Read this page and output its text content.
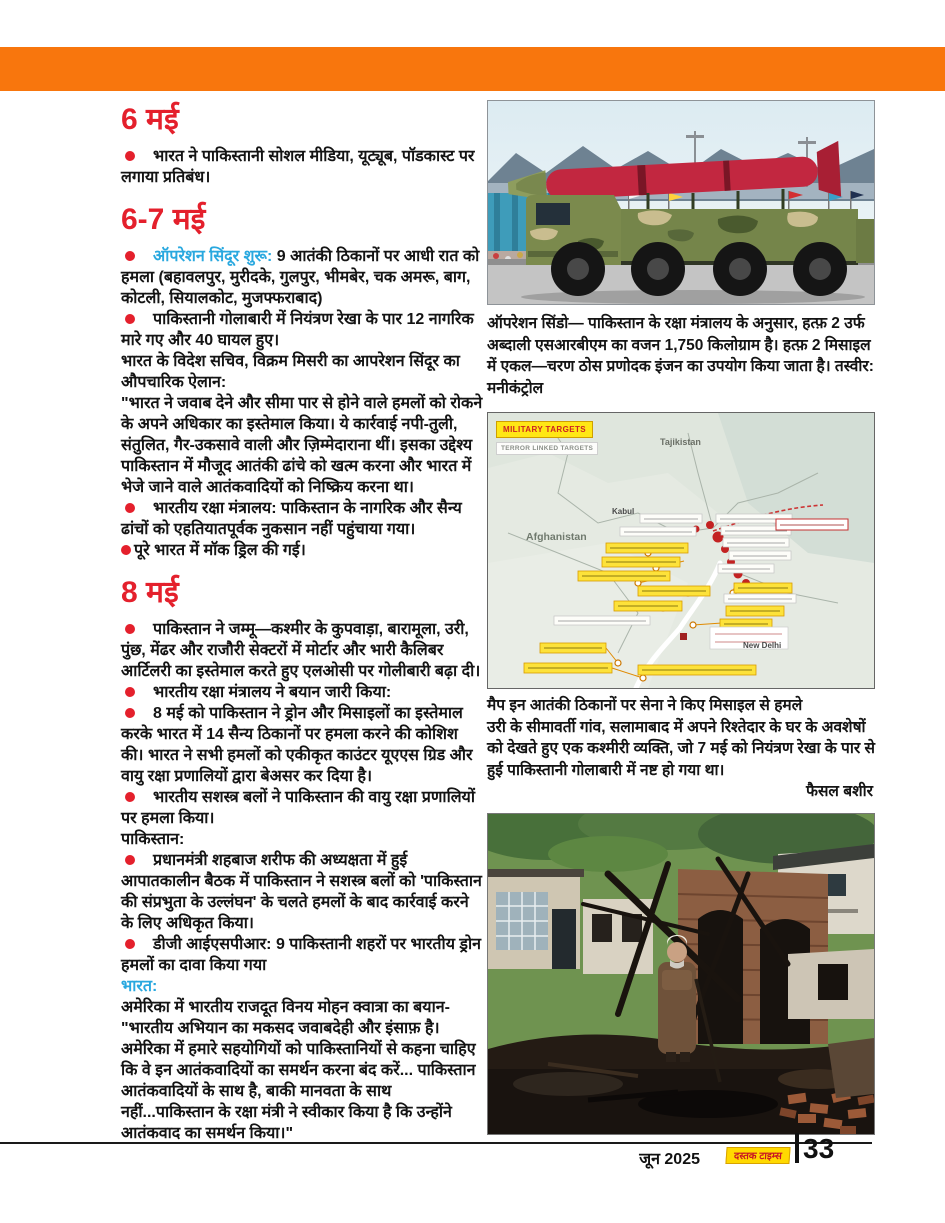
6 मई

भारत ने पाकिस्तानी सोशल मीडिया, यूट्यूब, पॉडकास्ट पर लगाया प्रतिबंध।

6-7 मई

ऑपरेशन सिंदूर शुरू: 9 आतंकी ठिकानों पर आधी रात को हमला (बहावलपुर, मुरीदके, गुलपुर, भीमबेर, चक अमरू, बाग, कोटली, सियालकोट, मुजफ्फराबाद)

पाकिस्तानी गोलाबारी में नियंत्रण रेखा के पार 12 नागरिक मारे गए और 40 घायल हुए।

भारत के विदेश सचिव, विक्रम मिसरी का आपरेशन सिंदूर का औपचारिक ऐलान:

"भारत ने जवाब देने और सीमा पार से होने वाले हमलों को रोकने के अपने अधिकार का इस्तेमाल किया। ये कार्रवाई नपी-तुली, संतुलित, गैर-उकसावे वाली और ज़िम्मेदाराना थीं। इसका उद्देश्य पाकिस्तान में मौजूद आतंकी ढांचे को खत्म करना और भारत में भेजे जाने वाले आतंकवादियों को निष्क्रिय करना था।

भारतीय रक्षा मंत्रालय: पाकिस्तान के नागरिक और सैन्य ढांचों को एहतियातपूर्वक नुकसान नहीं पहुंचाया गया।

पूरे भारत में मॉक ड्रिल की गई।

8 मई

पाकिस्तान ने जम्मू—कश्मीर के कुपवाड़ा, बारामूला, उरी, पुंछ, मेंढर और राजौरी सेक्टरों में मोर्टार और भारी कैलिबर आर्टिलरी का इस्तेमाल करते हुए एलओसी पर गोलीबारी बढ़ा दी।

भारतीय रक्षा मंत्रालय ने बयान जारी किया:

8 मई को पाकिस्तान ने ड्रोन और मिसाइलों का इस्तेमाल करके भारत में 14 सैन्य ठिकानों पर हमला करने की कोशिश की। भारत ने सभी हमलों को एकीकृत काउंटर यूएएस ग्रिड और वायु रक्षा प्रणालियों द्वारा बेअसर कर दिया है।

भारतीय सशस्त्र बलों ने पाकिस्तान की वायु रक्षा प्रणालियों पर हमला किया।

पाकिस्तान:

प्रधानमंत्री शहबाज शरीफ की अध्यक्षता में हुई आपातकालीन बैठक में पाकिस्तान ने सशस्त्र बलों को 'पाकिस्तान की संप्रभुता के उल्लंघन' के चलते हमलों के बाद कार्रवाई करने के लिए अधिकृत किया।

डीजी आईएसपीआर: 9 पाकिस्तानी शहरों पर भारतीय ड्रोन हमलों का दावा किया गया

भारत:

अमेरिका में भारतीय राजदूत विनय मोहन क्वात्रा का बयान-

"भारतीय अभियान का मकसद जवाबदेही और इंसाफ़ है। अमेरिका में हमारे सहयोगियों को पाकिस्तानियों से कहना चाहिए कि वे इन आतंकवादियों का समर्थन करना बंद करें... पाकिस्तान आतंकवादियों के साथ है, बाकी मानवता के साथ नहीं...पाकिस्तान के रक्षा मंत्री ने स्वीकार किया है कि उन्होंने आतंकवाद का समर्थन किया।"

ऑपरेशन सिंडो— पाकिस्तान के रक्षा मंत्रालय के अनुसार, हत्फ़ 2 उर्फ अब्दाली एसआरबीएम का वजन 1,750 किलोग्राम है। हत्फ़ 2 मिसाइल में एकल—चरण ठोस प्रणोदक इंजन का उपयोग किया जाता है। तस्वीर: मनीकंट्रोल
MILITARY TARGETS
TERROR LINKED TARGETS
Tajikistan
Afghanistan
Kabul
New Delhi
मैप इन आतंकी ठिकानों पर सेना ने किए मिसाइल से हमले
उरी के सीमावर्ती गांव, सलामाबाद में अपने रिश्तेदार के घर के अवशेषों को देखते हुए एक कश्मीरी व्यक्ति, जो 7 मई को नियंत्रण रेखा के पार से हुई पाकिस्तानी गोलाबारी में नष्ट हो गया था।
फैसल बशीर
जून 2025	दस्तक टाइम्स 33
